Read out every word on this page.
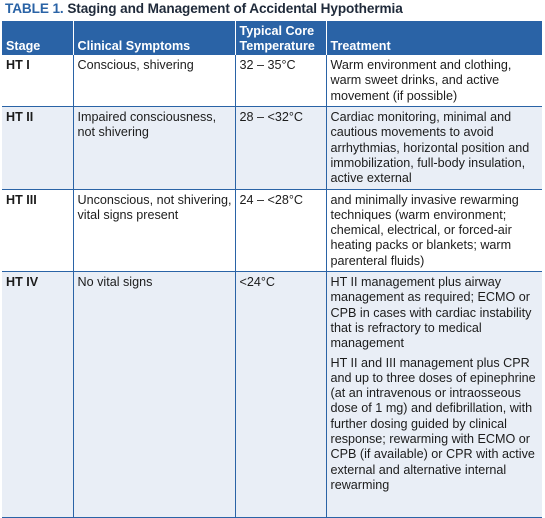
TABLE 1. Staging and Management of Accidental Hypothermia
Stage	Clinical Symptoms	Typical Core Temperature	Treatment
HT I	Conscious, shivering	32 – 35°C	Warm environment and clothing, warm sweet drinks, and active movement (if possible)
HT II	Impaired consciousness, not shivering	28 – <32°C	Cardiac monitoring, minimal and cautious movements to avoid arrhythmias, horizontal position and immobilization, full-body insulation, active external
HT III	Unconscious, not shivering, vital signs present	24 – <28°C	and minimally invasive rewarming techniques (warm environment; chemical, electrical, or forced-air heating packs or blankets; warm parenteral fluids)
HT IV	No vital signs	<24°C	HT II management plus airway management as required; ECMO or CPB in cases with cardiac instability that is refractory to medical management
HT II and III management plus CPR and up to three doses of epinephrine (at an intravenous or intraosseous dose of 1 mg) and defibrillation, with further dosing guided by clinical response; rewarming with ECMO or CPB (if available) or CPR with active external and alternative internal rewarming
